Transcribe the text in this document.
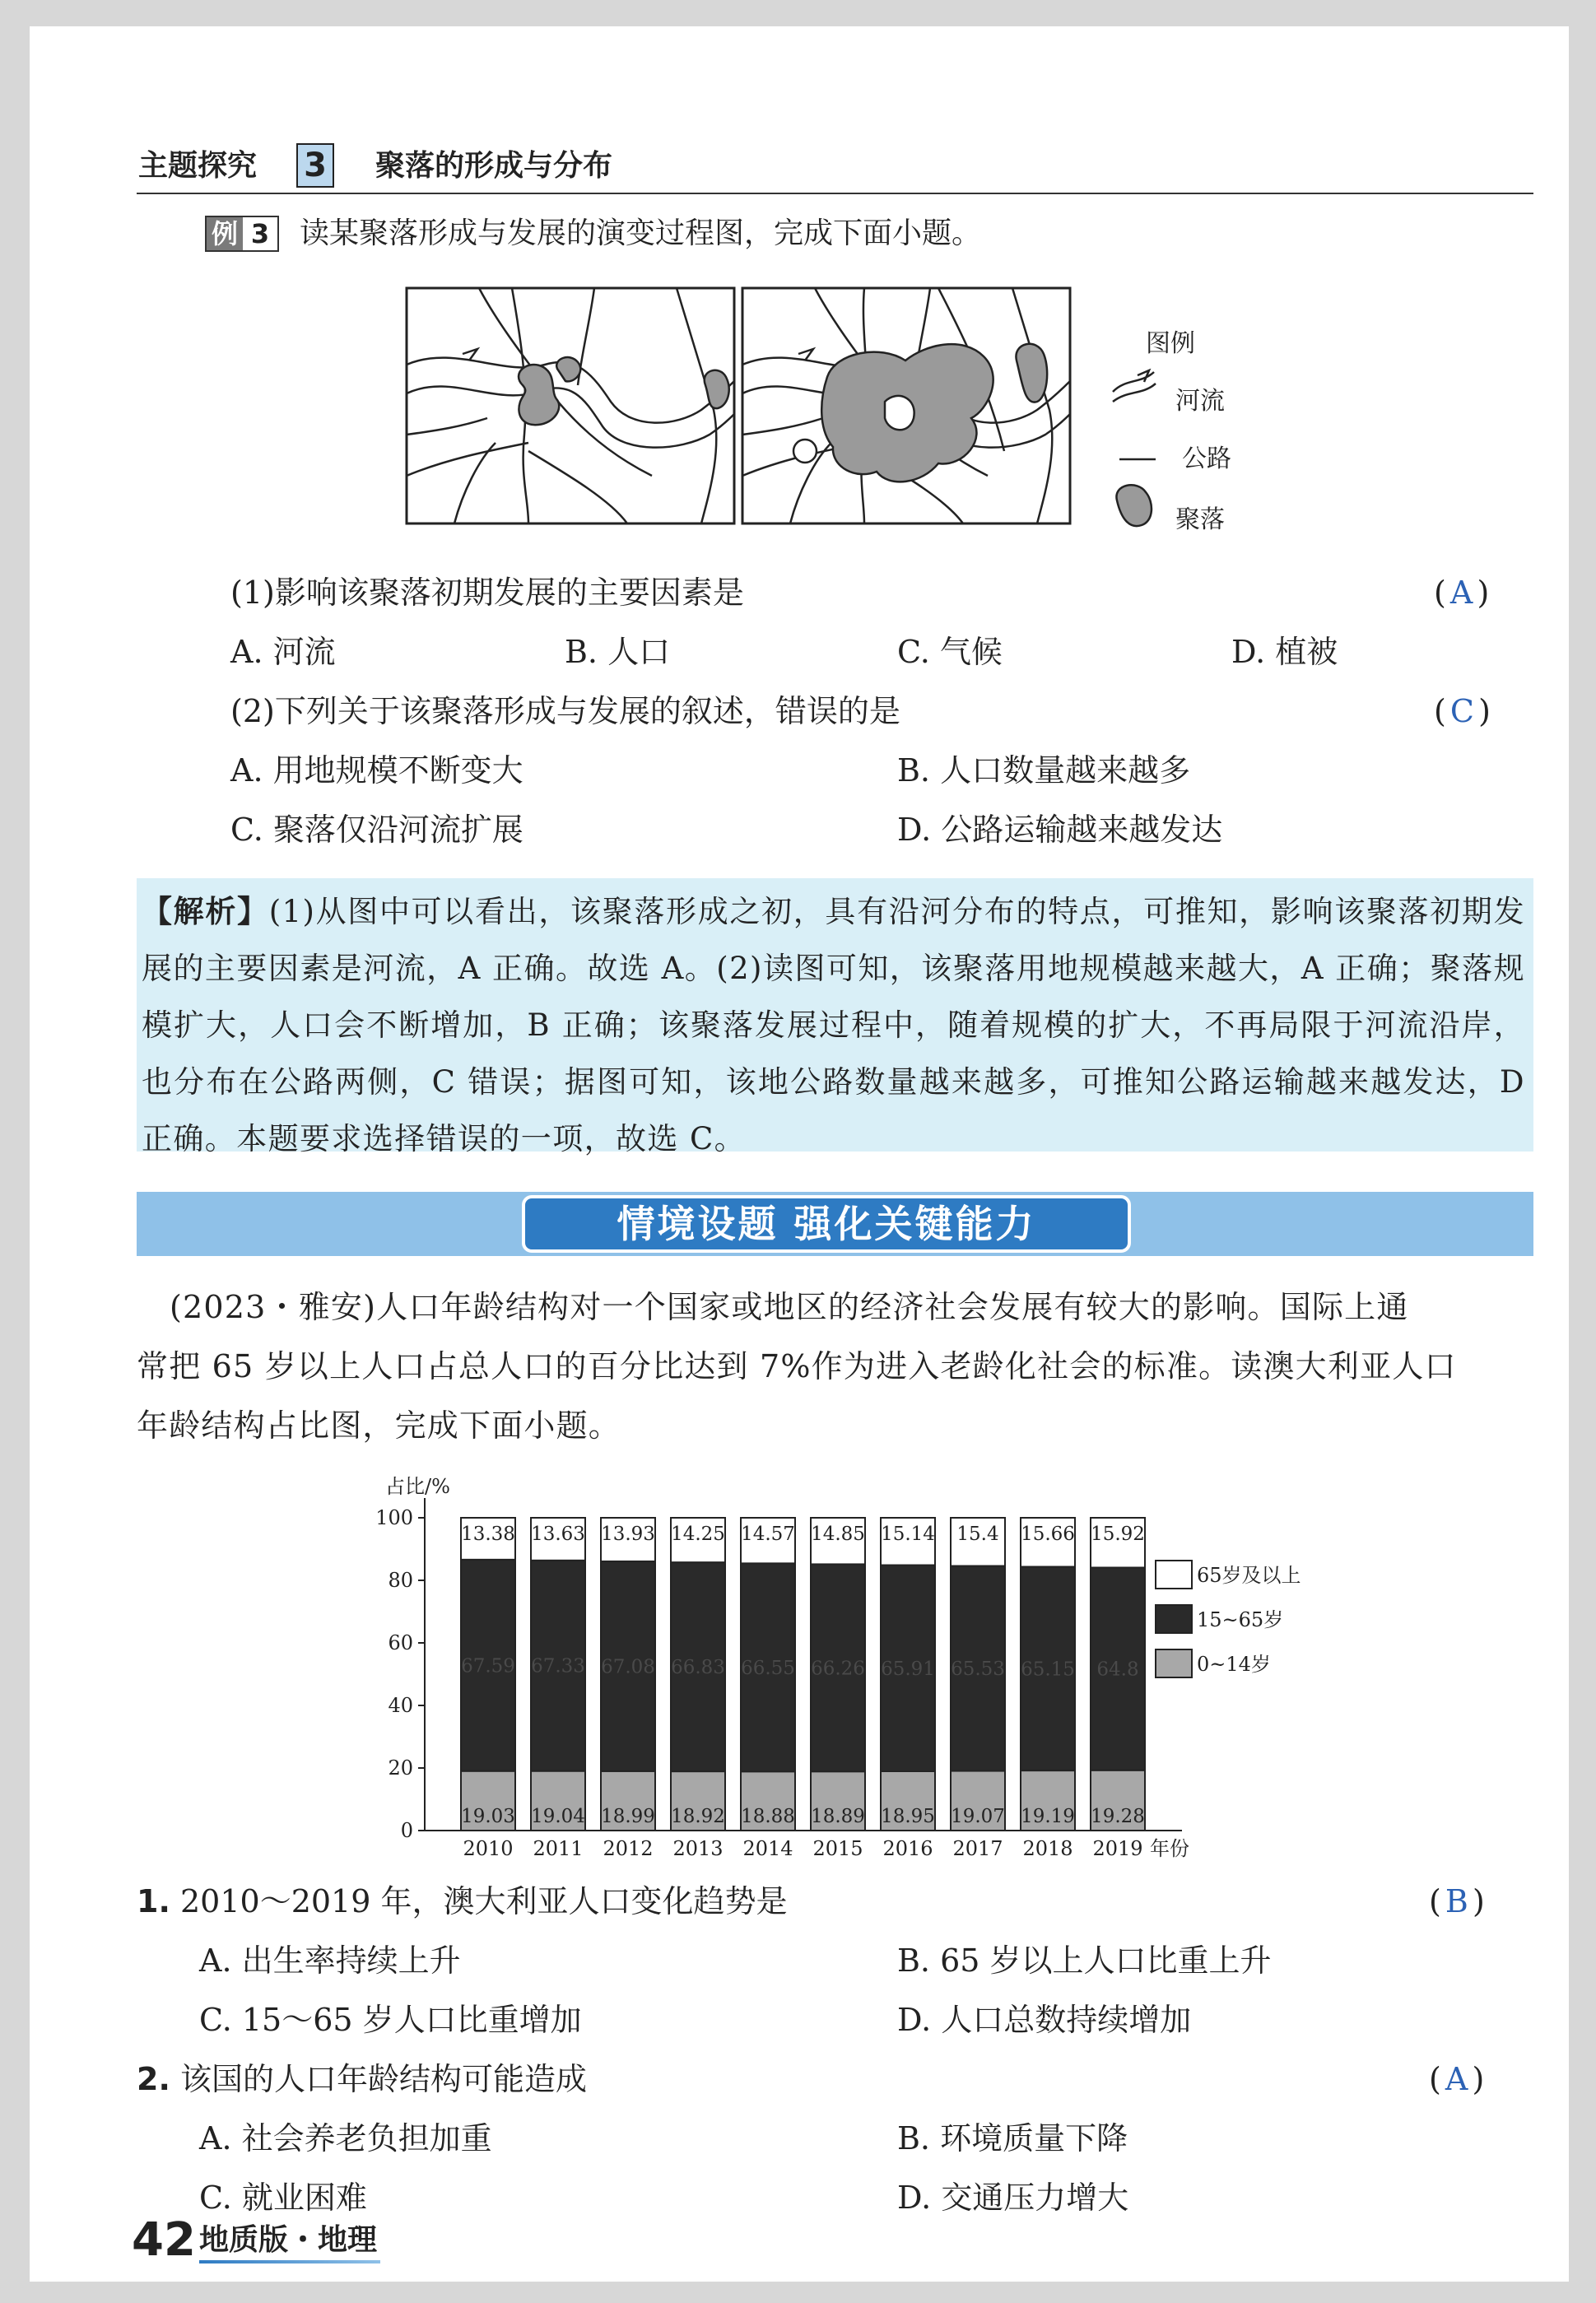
主题探究 3 聚落的形成与分布
例 3 读某聚落形成与发展的演变过程图，完成下面小题。
图例
河流
公路
聚落
(1)影响该聚落初期发展的主要因素是	( A )
A. 河流	B. 人口	C. 气候	D. 植被
(2)下列关于该聚落形成与发展的叙述，错误的是	( C )
A. 用地规模不断变大	B. 人口数量越来越多
C. 聚落仅沿河流扩展	D. 公路运输越来越发达

【解析】(1)从图中可以看出，该聚落形成之初，具有沿河分布的特点，可推知，影响该聚落初期发展的主要因素是河流，A 正确。故选 A。(2)读图可知，该聚落用地规模越来越大，A 正确；聚落规模扩大，人口会不断增加，B 正确；该聚落发展过程中，随着规模的扩大，不再局限于河流沿岸，也分布在公路两侧，C 错误；据图可知，该地公路数量越来越多，可推知公路运输越来越发达，D 正确。本题要求选择错误的一项，故选 C。

情境设题 强化关键能力
(2023・雅安)人口年龄结构对一个国家或地区的经济社会发展有较大的影响。国际上通
常把 65 岁以上人口占总人口的百分比达到 7%作为进入老龄化社会的标准。读澳大利亚人口
年龄结构占比图，完成下面小题。
占比/%
0
20
40
60
80
100
19.03
67.59
13.38
2010
19.04
67.33
13.63
2011
18.99
67.08
13.93
2012
18.92
66.83
14.25
2013
18.88
66.55
14.57
2014
18.89
66.26
14.85
2015
18.95
65.91
15.14
2016
19.07
65.53
15.4
2017
19.19
65.15
15.66
2018
19.28
64.8
15.92
2019 年份
65岁及以上
15~65岁
0~14岁
1. 2010～2019 年，澳大利亚人口变化趋势是	( B )
A. 出生率持续上升	B. 65 岁以上人口比重上升
C. 15～65 岁人口比重增加	D. 人口总数持续增加
2. 该国的人口年龄结构可能造成	( A )
A. 社会养老负担加重	B. 环境质量下降
C. 就业困难	D. 交通压力增大
42 地质版・地理
